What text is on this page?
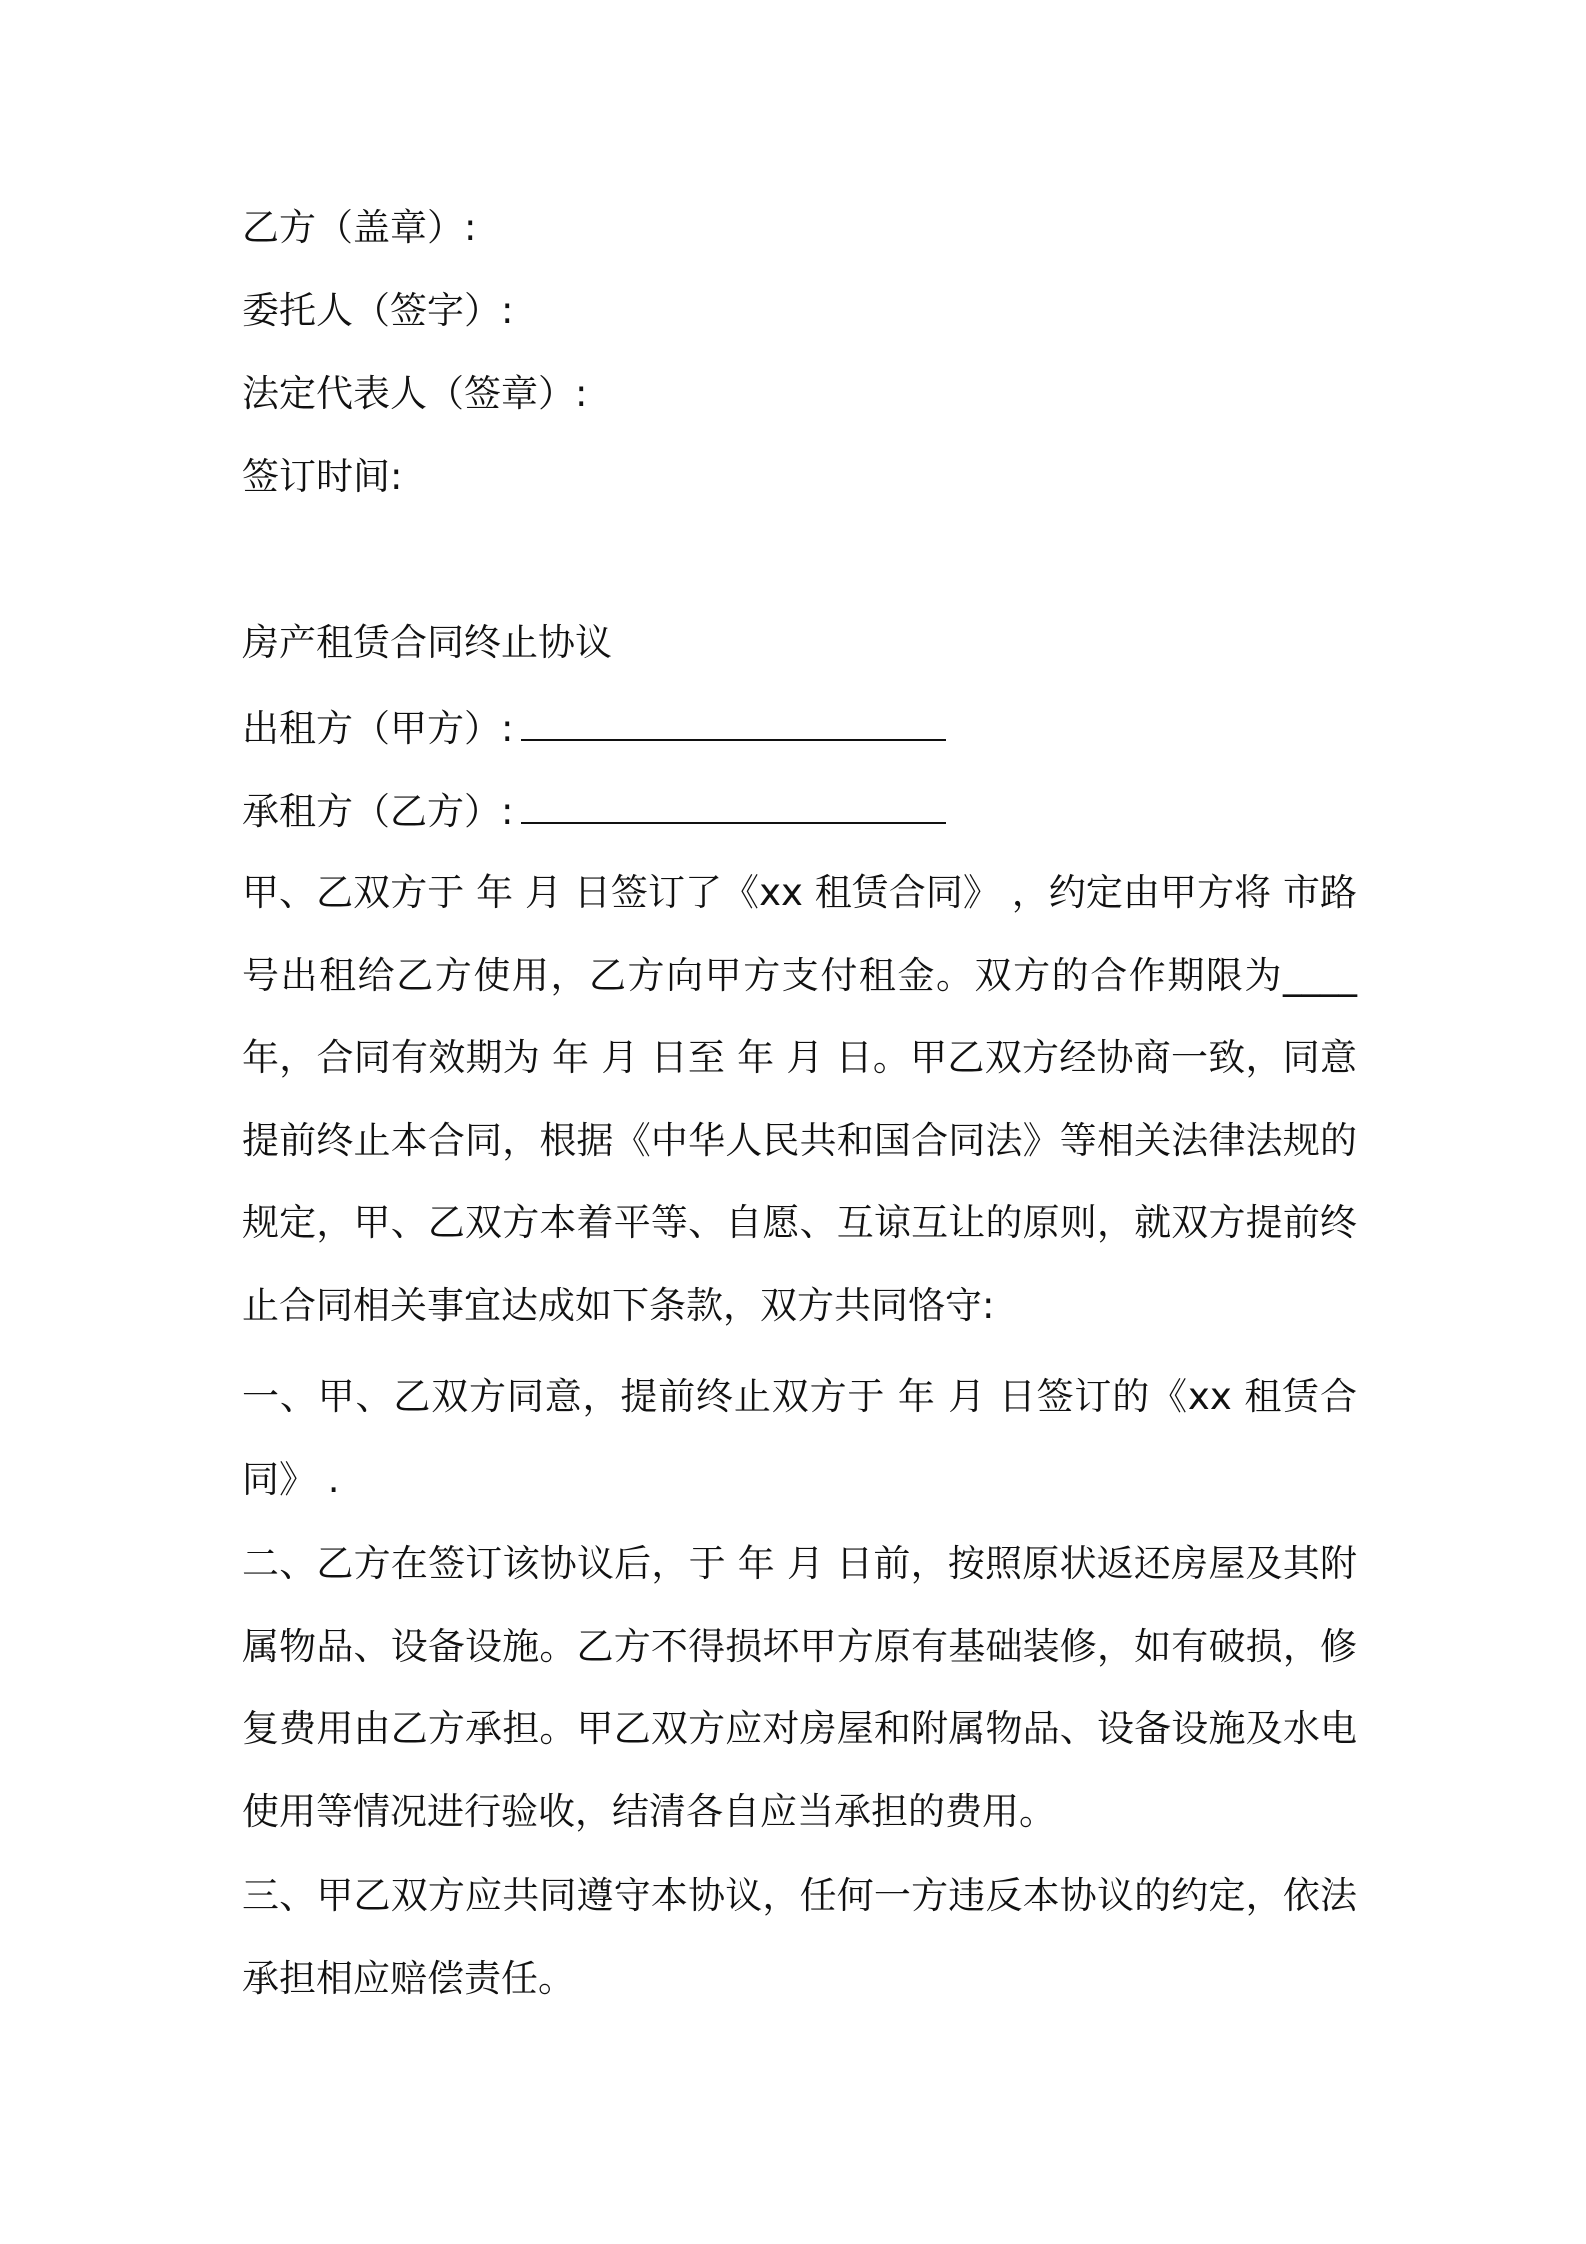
乙方（盖章）:
委托人（签字）:
法定代表人（签章）:
签订时间:
房产租赁合同终止协议
出租方（甲方）:
承租方（乙方）:
甲、乙双方于 年 月 日签订了《xx 租赁合同》 ，约定由甲方将 市路 号出租给乙方使用，乙方向甲方支付租金。双方的合作期限为____年，合同有效期为 年 月 日至 年 月 日。甲乙双方经协商一致，同意提前终止本合同，根据《中华人民共和国合同法》等相关法律法规的规定，甲、乙双方本着平等、自愿、互谅互让的原则，就双方提前终止合同相关事宜达成如下条款，双方共同恪守:
一、甲、乙双方同意，提前终止双方于 年 月 日签订的《xx 租赁合同》 .
二、乙方在签订该协议后，于 年 月 日前，按照原状返还房屋及其附属物品、设备设施。乙方不得损坏甲方原有基础装修，如有破损，修复费用由乙方承担。甲乙双方应对房屋和附属物品、设备设施及水电使用等情况进行验收，结清各自应当承担的费用。
三、甲乙双方应共同遵守本协议，任何一方违反本协议的约定，依法承担相应赔偿责任。
